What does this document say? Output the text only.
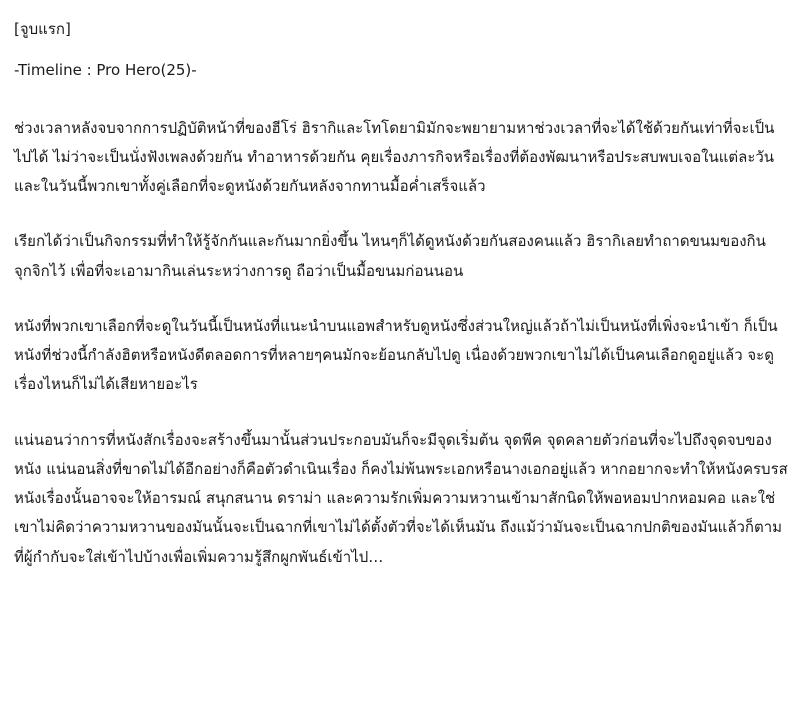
[จูบแรก]

-Timeline : Pro Hero(25)-

ช่วงเวลาหลังจบจากการปฏิบัติหน้าที่ของฮีโร่ ฮิรากิและโทโดยามิมักจะพยายามหาช่วงเวลาที่จะได้ใช้ด้วยกันเท่าที่จะเป็นไปได้ ไม่ว่าจะเป็นนั่งฟังเพลงด้วยกัน ทำอาหารด้วยกัน คุยเรื่องภารกิจหรือเรื่องที่ต้องพัฒนาหรือประสบพบเจอในแต่ละวัน และในวันนี้พวกเขาทั้งคู่เลือกที่จะดูหนังด้วยกันหลังจากทานมื้อค่ำเสร็จแล้ว

เรียกได้ว่าเป็นกิจกรรมที่ทำให้รู้จักกันและกันมากยิ่งขึ้น ไหนๆก็ได้ดูหนังด้วยกันสองคนแล้ว ฮิรากิเลยทำถาดขนมของกินจุกจิกไว้ เพื่อที่จะเอามากินเล่นระหว่างการดู ถือว่าเป็นมื้อขนมก่อนนอน

หนังที่พวกเขาเลือกที่จะดูในวันนี้เป็นหนังที่แนะนำบนแอพสำหรับดูหนังซึ่งส่วนใหญ่แล้วถ้าไม่เป็นหนังที่เพิ่งจะนำเข้า ก็เป็นหนังที่ช่วงนี้กำลังฮิตหรือหนังดีตลอดการที่หลายๆคนมักจะย้อนกลับไปดู เนื่องด้วยพวกเขาไม่ได้เป็นคนเลือกดูอยู่แล้ว จะดูเรื่องไหนก็ไม่ได้เสียหายอะไร

แน่นอนว่าการที่หนังสักเรื่องจะสร้างขึ้นมานั้นส่วนประกอบมันก็จะมีจุดเริ่มต้น จุดพีค จุดคลายตัวก่อนที่จะไปถึงจุดจบของหนัง แน่นอนสิ่งที่ขาดไม่ได้อีกอย่างก็คือตัวดำเนินเรื่อง ก็คงไม่พ้นพระเอกหรือนางเอกอยู่แล้ว หากอยากจะทำให้หนังครบรส หนังเรื่องนั้นอาจจะให้อารมณ์ สนุกสนาน ดราม่า และความรักเพิ่มความหวานเข้ามาสักนิดให้พอหอมปากหอมคอ และใช่ เขาไม่คิดว่าความหวานของมันนั้นจะเป็นฉากที่เขาไม่ได้ตั้งตัวที่จะได้เห็นมัน ถึงแม้ว่ามันจะเป็นฉากปกติของมันแล้วก็ตามที่ผู้กำกับจะใส่เข้าไปบ้างเพื่อเพิ่มความรู้สึกผูกพันธ์เข้าไป…
